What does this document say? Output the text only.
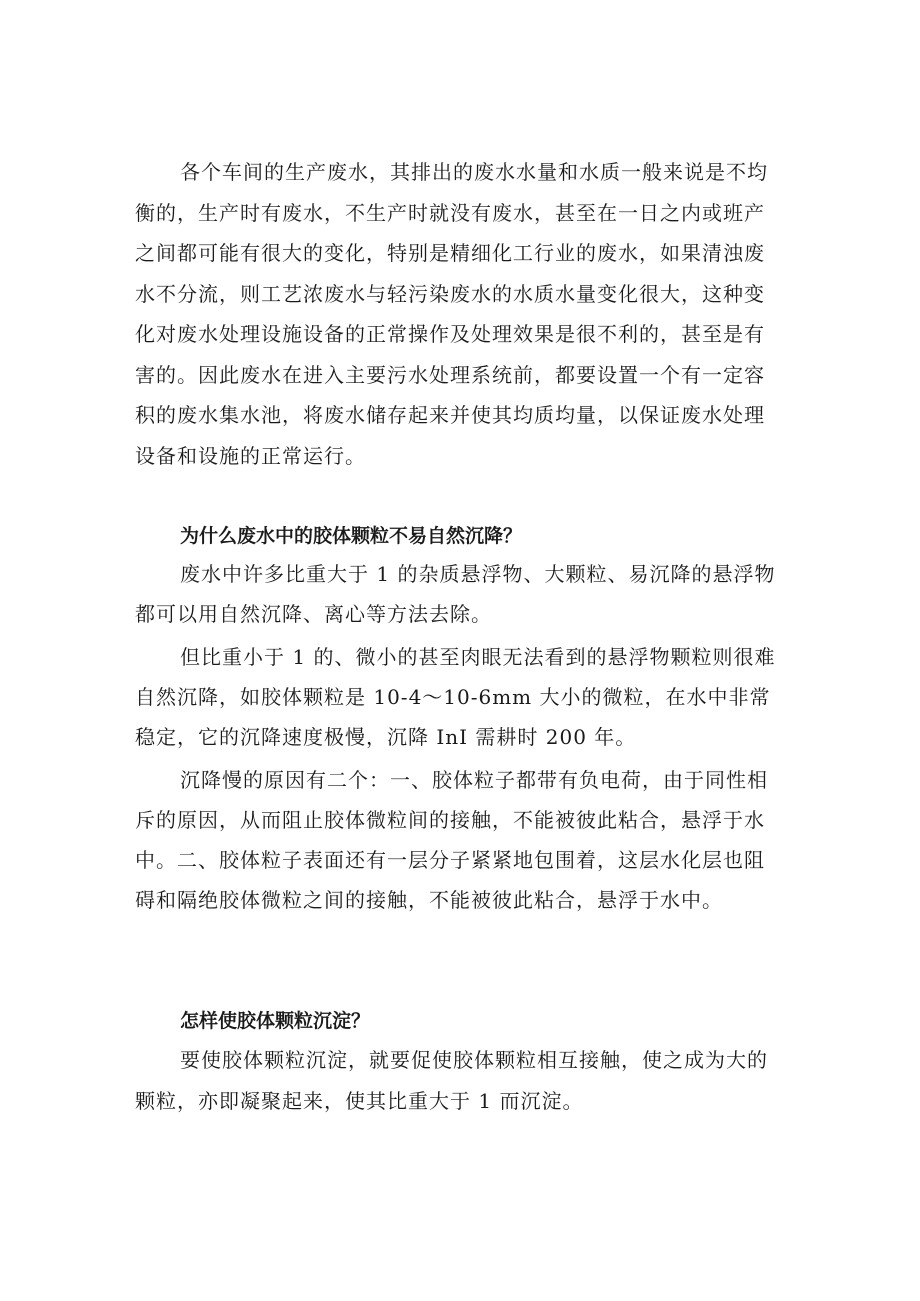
各个车间的生产废水，其排出的废水水量和水质一般来说是不均衡的，生产时有废水，不生产时就没有废水，甚至在一日之内或班产之间都可能有很大的变化，特别是精细化工行业的废水，如果清浊废水不分流，则工艺浓废水与轻污染废水的水质水量变化很大，这种变化对废水处理设施设备的正常操作及处理效果是很不利的，甚至是有害的。因此废水在进入主要污水处理系统前，都要设置一个有一定容积的废水集水池，将废水储存起来并使其均质均量，以保证废水处理设备和设施的正常运行。

为什么废水中的胶体颗粒不易自然沉降？

废水中许多比重大于 1 的杂质悬浮物、大颗粒、易沉降的悬浮物都可以用自然沉降、离心等方法去除。

但比重小于 1 的、微小的甚至肉眼无法看到的悬浮物颗粒则很难自然沉降，如胶体颗粒是 10-4～10-6mm 大小的微粒，在水中非常稳定，它的沉降速度极慢，沉降 InI 需耕时 200 年。

沉降慢的原因有二个：一、胶体粒子都带有负电荷，由于同性相斥的原因，从而阻止胶体微粒间的接触，不能被彼此粘合，悬浮于水中。二、胶体粒子表面还有一层分子紧紧地包围着，这层水化层也阻碍和隔绝胶体微粒之间的接触，不能被彼此粘合，悬浮于水中。

怎样使胶体颗粒沉淀？

要使胶体颗粒沉淀，就要促使胶体颗粒相互接触，使之成为大的颗粒，亦即凝聚起来，使其比重大于 1 而沉淀。
